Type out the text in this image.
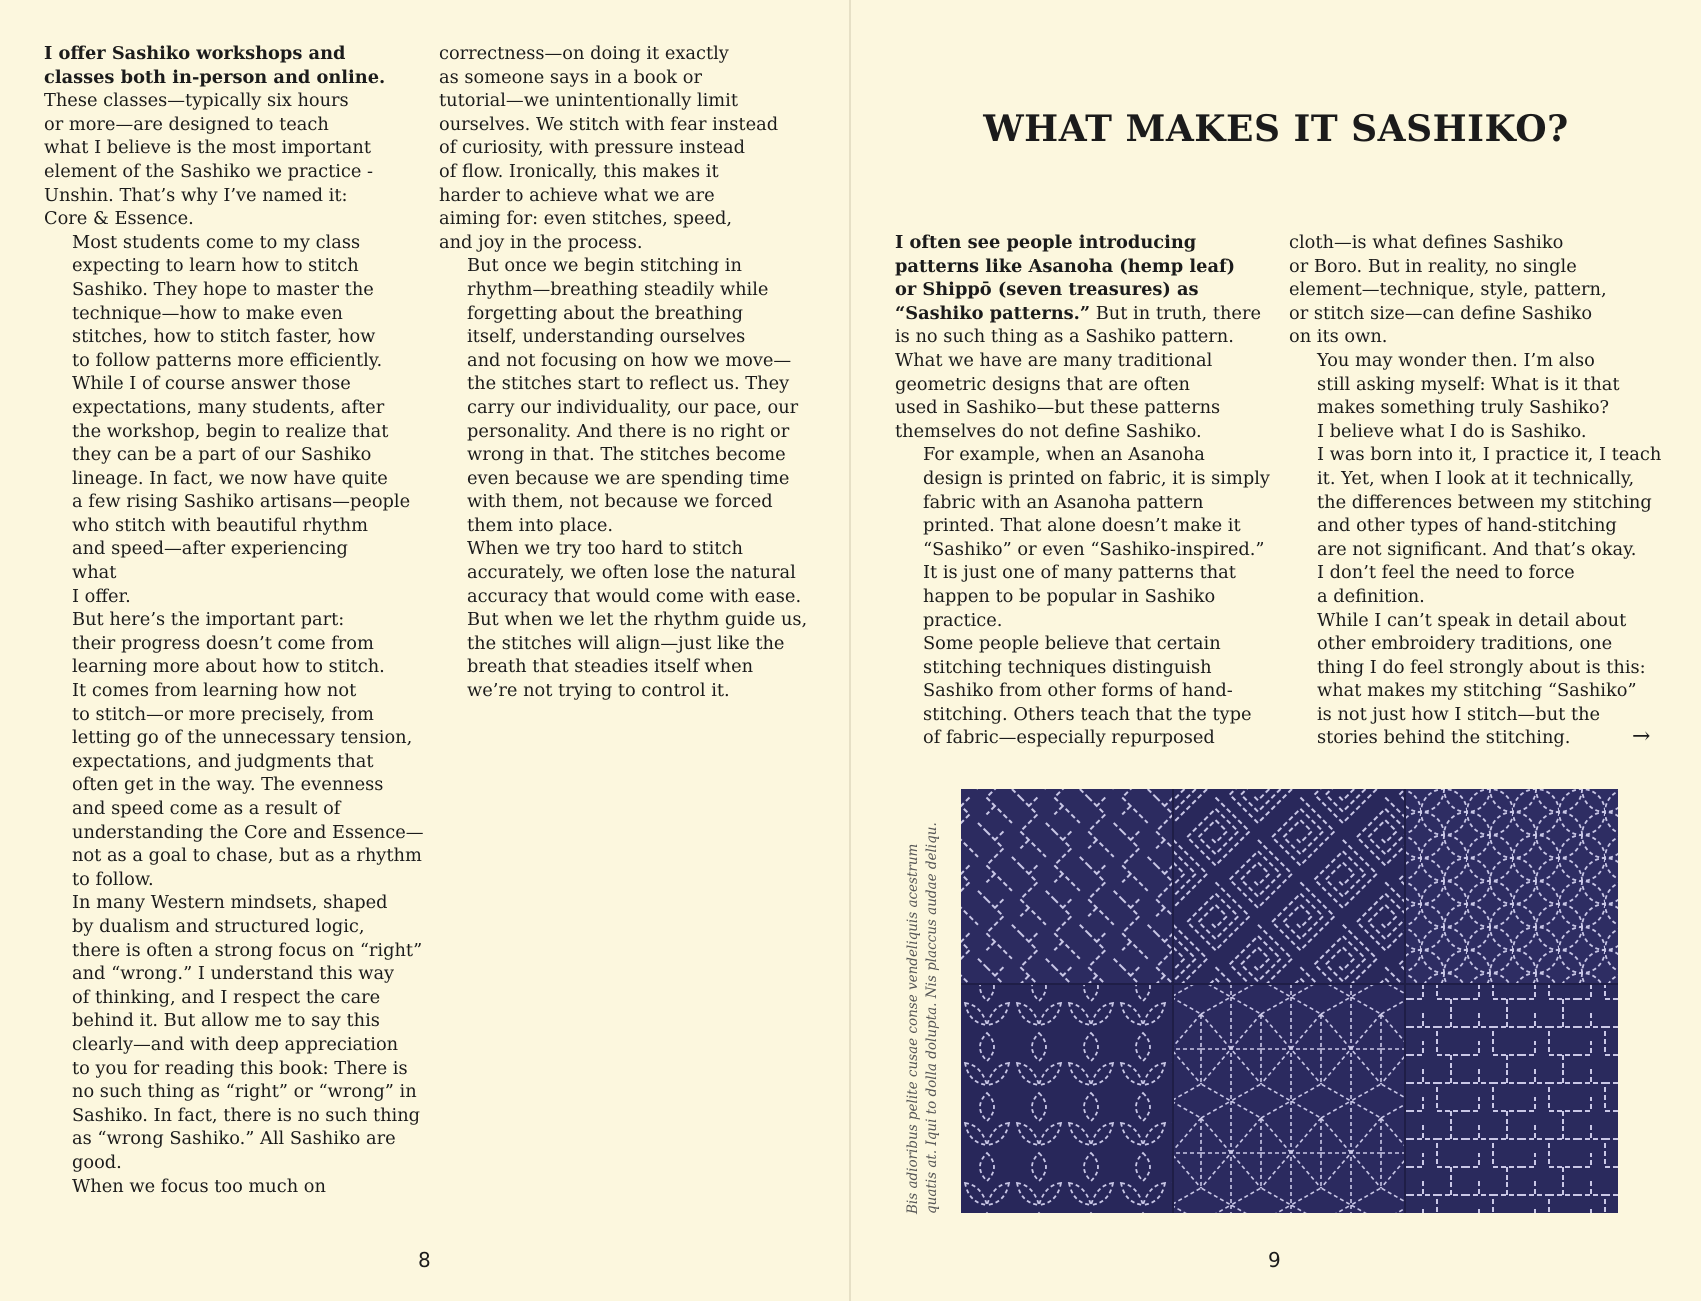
I offer Sashiko workshops and
classes both in-person and online.
These classes—typically six hours
or more—are designed to teach
what I believe is the most important
element of the Sashiko we practice -
Unshin. That’s why I’ve named it:
Core & Essence.

Most students come to my class
expecting to learn how to stitch
Sashiko. They hope to master the
technique—how to make even
stitches, how to stitch faster, how
to follow patterns more efficiently.
While I of course answer those
expectations, many students, after
the workshop, begin to realize that
they can be a part of our Sashiko
lineage. In fact, we now have quite
a few rising Sashiko artisans—people
who stitch with beautiful rhythm
and speed—after experiencing
what
I offer.

But here’s the important part:
their progress doesn’t come from
learning more about how to stitch.
It comes from learning how not
to stitch—or more precisely, from
letting go of the unnecessary tension,
expectations, and judgments that
often get in the way. The evenness
and speed come as a result of
understanding the Core and Essence—
not as a goal to chase, but as a rhythm
to follow.

In many Western mindsets, shaped
by dualism and structured logic,
there is often a strong focus on “right”
and “wrong.” I understand this way
of thinking, and I respect the care
behind it. But allow me to say this
clearly—and with deep appreciation
to you for reading this book: There is
no such thing as “right” or “wrong” in
Sashiko. In fact, there is no such thing
as “wrong Sashiko.” All Sashiko are
good.

When we focus too much on

correctness—on doing it exactly
as someone says in a book or
tutorial—we unintentionally limit
ourselves. We stitch with fear instead
of curiosity, with pressure instead
of flow. Ironically, this makes it
harder to achieve what we are
aiming for: even stitches, speed,
and joy in the process.

But once we begin stitching in
rhythm—breathing steadily while
forgetting about the breathing
itself, understanding ourselves
and not focusing on how we move—
the stitches start to reflect us. They
carry our individuality, our pace, our
personality. And there is no right or
wrong in that. The stitches become
even because we are spending time
with them, not because we forced
them into place.

When we try too hard to stitch
accurately, we often lose the natural
accuracy that would come with ease.
But when we let the rhythm guide us,
the stitches will align—just like the
breath that steadies itself when
we’re not trying to control it.

8
WHAT MAKES IT SASHIKO?

I often see people introducing
patterns like Asanoha (hemp leaf)
or Shippō (seven treasures) as
“Sashiko patterns.” But in truth, there
is no such thing as a Sashiko pattern.
What we have are many traditional
geometric designs that are often
used in Sashiko—but these patterns
themselves do not define Sashiko.

For example, when an Asanoha
design is printed on fabric, it is simply
fabric with an Asanoha pattern
printed. That alone doesn’t make it
“Sashiko” or even “Sashiko-inspired.”
It is just one of many patterns that
happen to be popular in Sashiko
practice.

Some people believe that certain
stitching techniques distinguish
Sashiko from other forms of hand-
stitching. Others teach that the type
of fabric—especially repurposed

cloth—is what defines Sashiko
or Boro. But in reality, no single
element—technique, style, pattern,
or stitch size—can define Sashiko
on its own.

You may wonder then. I’m also
still asking myself: What is it that
makes something truly Sashiko?

I believe what I do is Sashiko.
I was born into it, I practice it, I teach
it. Yet, when I look at it technically,
the differences between my stitching
and other types of hand-stitching
are not significant. And that’s okay.
I don’t feel the need to force
a definition.

While I can’t speak in detail about
other embroidery traditions, one
thing I do feel strongly about is this:
what makes my stitching “Sashiko”
is not just how I stitch—but the
stories behind the stitching.	→
Bis adioribus pelite cusae conse vendeliquis acestrum quatis at. Iqui to dolla dolupta. Nis placcus audae deliqu.
9
